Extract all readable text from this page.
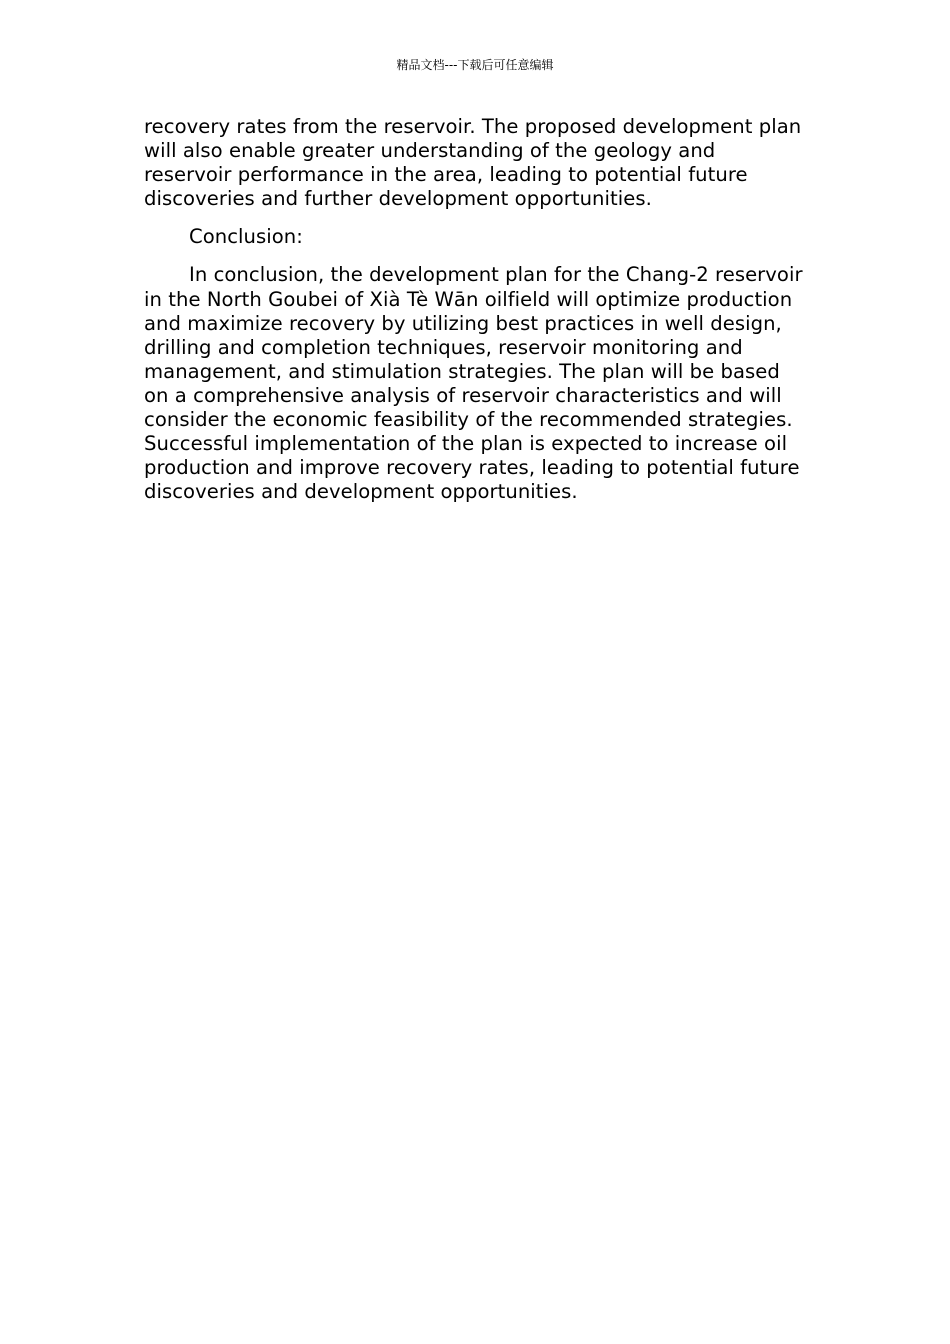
精品文档---下载后可任意编辑

recovery rates from the reservoir. The proposed development plan will also enable greater understanding of the geology and reservoir performance in the area, leading to potential future discoveries and further development opportunities.

Conclusion:

In conclusion, the development plan for the Chang-2 reservoir in the North Goubei of Xià Tè Wān oilfield will optimize production and maximize recovery by utilizing best practices in well design, drilling and completion techniques, reservoir monitoring and management, and stimulation strategies. The plan will be based on a comprehensive analysis of reservoir characteristics and will consider the economic feasibility of the recommended strategies. Successful implementation of the plan is expected to increase oil production and improve recovery rates, leading to potential future discoveries and development opportunities.
